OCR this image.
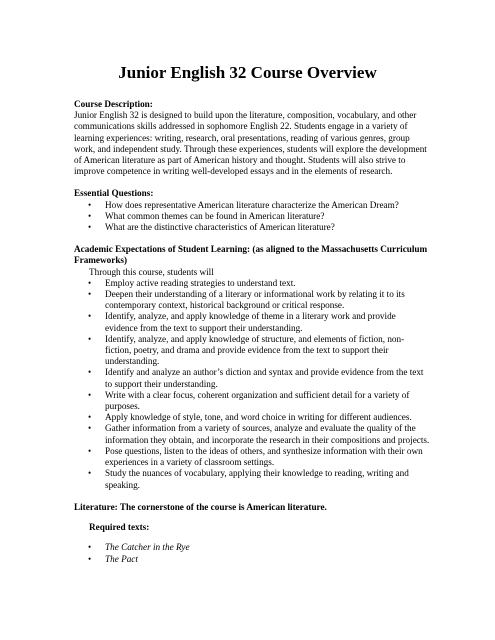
Junior English 32 Course Overview

Course Description:

Junior English 32 is designed to build upon the literature, composition, vocabulary, and other communications skills addressed in sophomore English 22. Students engage in a variety of learning experiences: writing, research, oral presentations, reading of various genres, group work, and independent study. Through these experiences, students will explore the development of American literature as part of American history and thought. Students will also strive to improve competence in writing well-developed essays and in the elements of research.

Essential Questions:

• How does representative American literature characterize the American Dream?
• What common themes can be found in American literature?
• What are the distinctive characteristics of American literature?

Academic Expectations of Student Learning: (as aligned to the Massachusetts Curriculum Frameworks)

Through this course, students will

• Employ active reading strategies to understand text.
• Deepen their understanding of a literary or informational work by relating it to its contemporary context, historical background or critical response.
• Identify, analyze, and apply knowledge of theme in a literary work and provide evidence from the text to support their understanding.
• Identify, analyze, and apply knowledge of structure, and elements of fiction, non-fiction, poetry, and drama and provide evidence from the text to support their understanding.
• Identify and analyze an author’s diction and syntax and provide evidence from the text to support their understanding.
• Write with a clear focus, coherent organization and sufficient detail for a variety of purposes.
• Apply knowledge of style, tone, and word choice in writing for different audiences.
• Gather information from a variety of sources, analyze and evaluate the quality of the information they obtain, and incorporate the research in their compositions and projects.
• Pose questions, listen to the ideas of others, and synthesize information with their own experiences in a variety of classroom settings.
• Study the nuances of vocabulary, applying their knowledge to reading, writing and speaking.

Literature: The cornerstone of the course is American literature.

Required texts:

• The Catcher in the Rye
• The Pact
